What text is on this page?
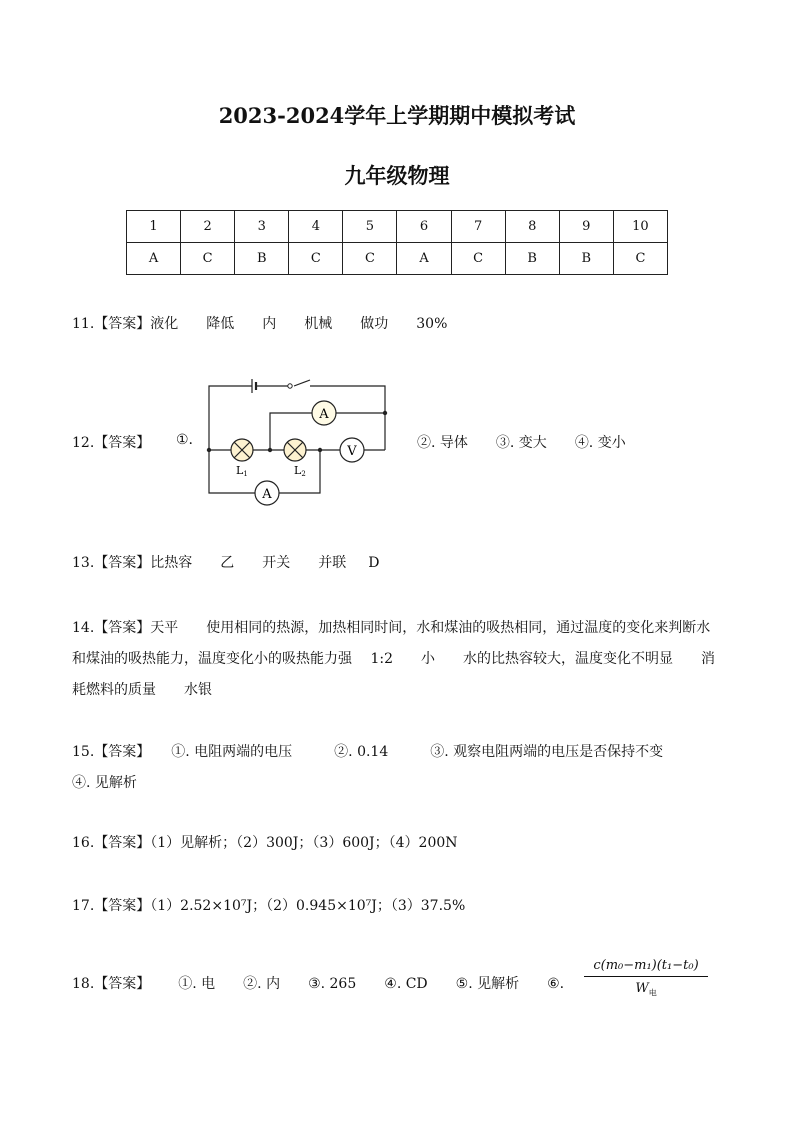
2023-2024学年上学期期中模拟考试
九年级物理
1	2	3	4	5	6	7	8	9	10
A	C	B	C	C	A	C	B	B	C
11.【答案】液化 降低 内 机械 做功 30%
12.【答案】 ①.
A
L1	L2
V
A
②. 导体 ③. 变大 ④. 变小
13.【答案】比热容 乙 开关 并联 D
14.【答案】天平　　使用相同的热源，加热相同时间，水和煤油的吸热相同，通过温度的变化来判断水和煤油的吸热能力，温度变化小的吸热能力强　 1:2　　小　　水的比热容较大，温度变化不明显　　消耗燃料的质量　　水银
15.【答案】　　①. 电阻两端的电压　　　②. 0.14　　　③. 观察电阻两端的电压是否保持不变　　　④. 见解析
16.【答案】（1）见解析；（2）300J；（3）600J；（4）200N
17.【答案】（1）2.52×10⁷J；（2）0.945×10⁷J；（3）37.5%
18.【答案】 ①. 电 ②. 内 ③. 265 ④. CD ⑤. 见解析 ⑥.
c(m₀−m₁)(t₁−t₀)
$W_电$
